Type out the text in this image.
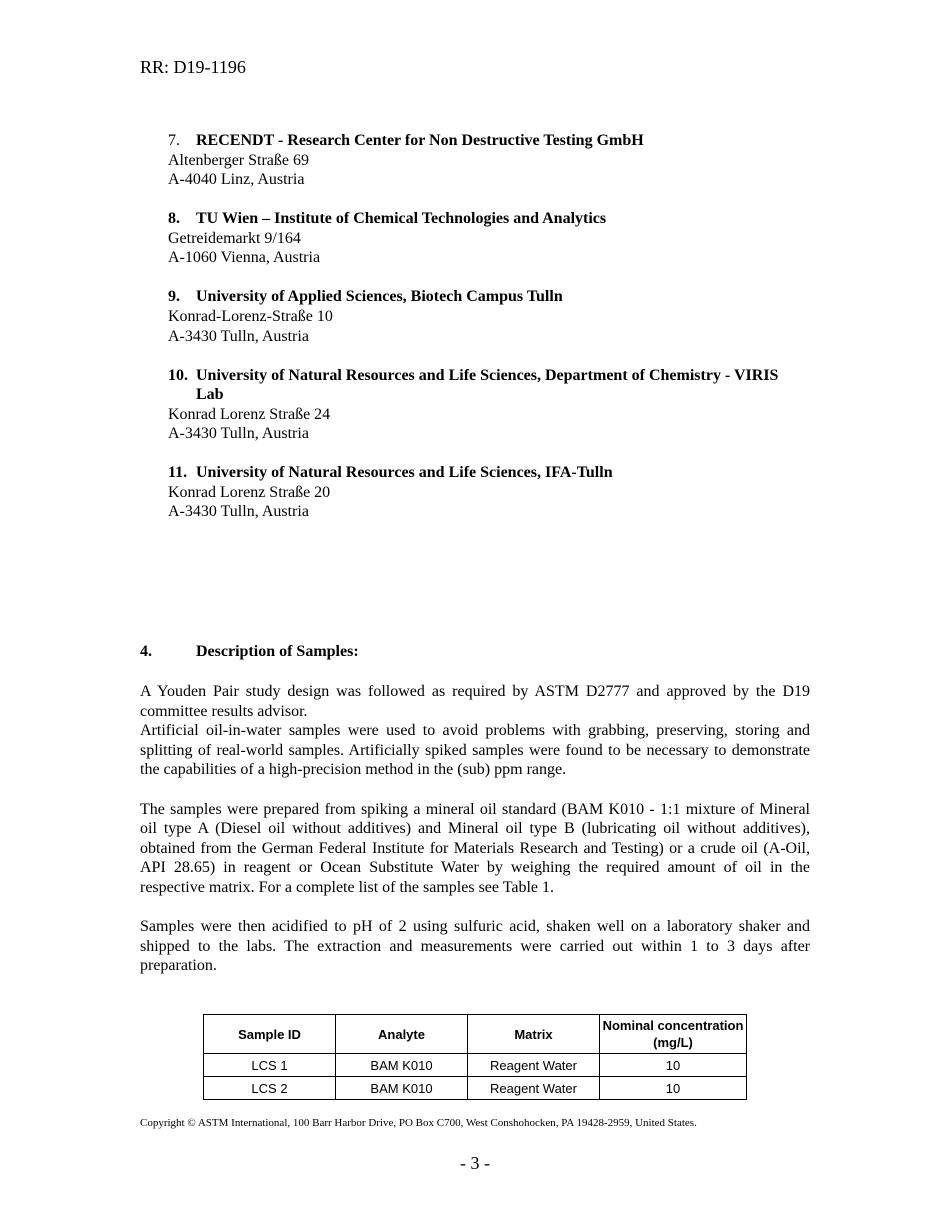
RR: D19-1196
7.	RECENDT - Research Center for Non Destructive Testing GmbH
Altenberger Straße 69
A-4040 Linz, Austria
8.	TU Wien – Institute of Chemical Technologies and Analytics
Getreidemarkt 9/164
A-1060 Vienna, Austria
9.	University of Applied Sciences, Biotech Campus Tulln
Konrad-Lorenz-Straße 10
A-3430 Tulln, Austria
10. University of Natural Resources and Life Sciences, Department of Chemistry - VIRIS Lab
Konrad Lorenz Straße 24
A-3430 Tulln, Austria
11. University of Natural Resources and Life Sciences, IFA-Tulln
Konrad Lorenz Straße 20
A-3430 Tulln, Austria
4.	Description of Samples:

A Youden Pair study design was followed as required by ASTM D2777 and approved by the D19 committee results advisor.

Artificial oil-in-water samples were used to avoid problems with grabbing, preserving, storing and splitting of real-world samples. Artificially spiked samples were found to be necessary to demonstrate the capabilities of a high-precision method in the (sub) ppm range.

The samples were prepared from spiking a mineral oil standard (BAM K010 - 1:1 mixture of Mineral oil type A (Diesel oil without additives) and Mineral oil type B (lubricating oil without additives), obtained from the German Federal Institute for Materials Research and Testing) or a crude oil (A-Oil, API 28.65) in reagent or Ocean Substitute Water by weighing the required amount of oil in the respective matrix. For a complete list of the samples see Table 1.

Samples were then acidified to pH of 2 using sulfuric acid, shaken well on a laboratory shaker and shipped to the labs. The extraction and measurements were carried out within 1 to 3 days after preparation.

Sample ID	Analyte	Matrix	Nominal concentration (mg/L)
LCS 1	BAM K010	Reagent Water	10
LCS 2	BAM K010	Reagent Water	10
Copyright © ASTM International, 100 Barr Harbor Drive, PO Box C700, West Conshohocken, PA 19428-2959, United States.
- 3 -
